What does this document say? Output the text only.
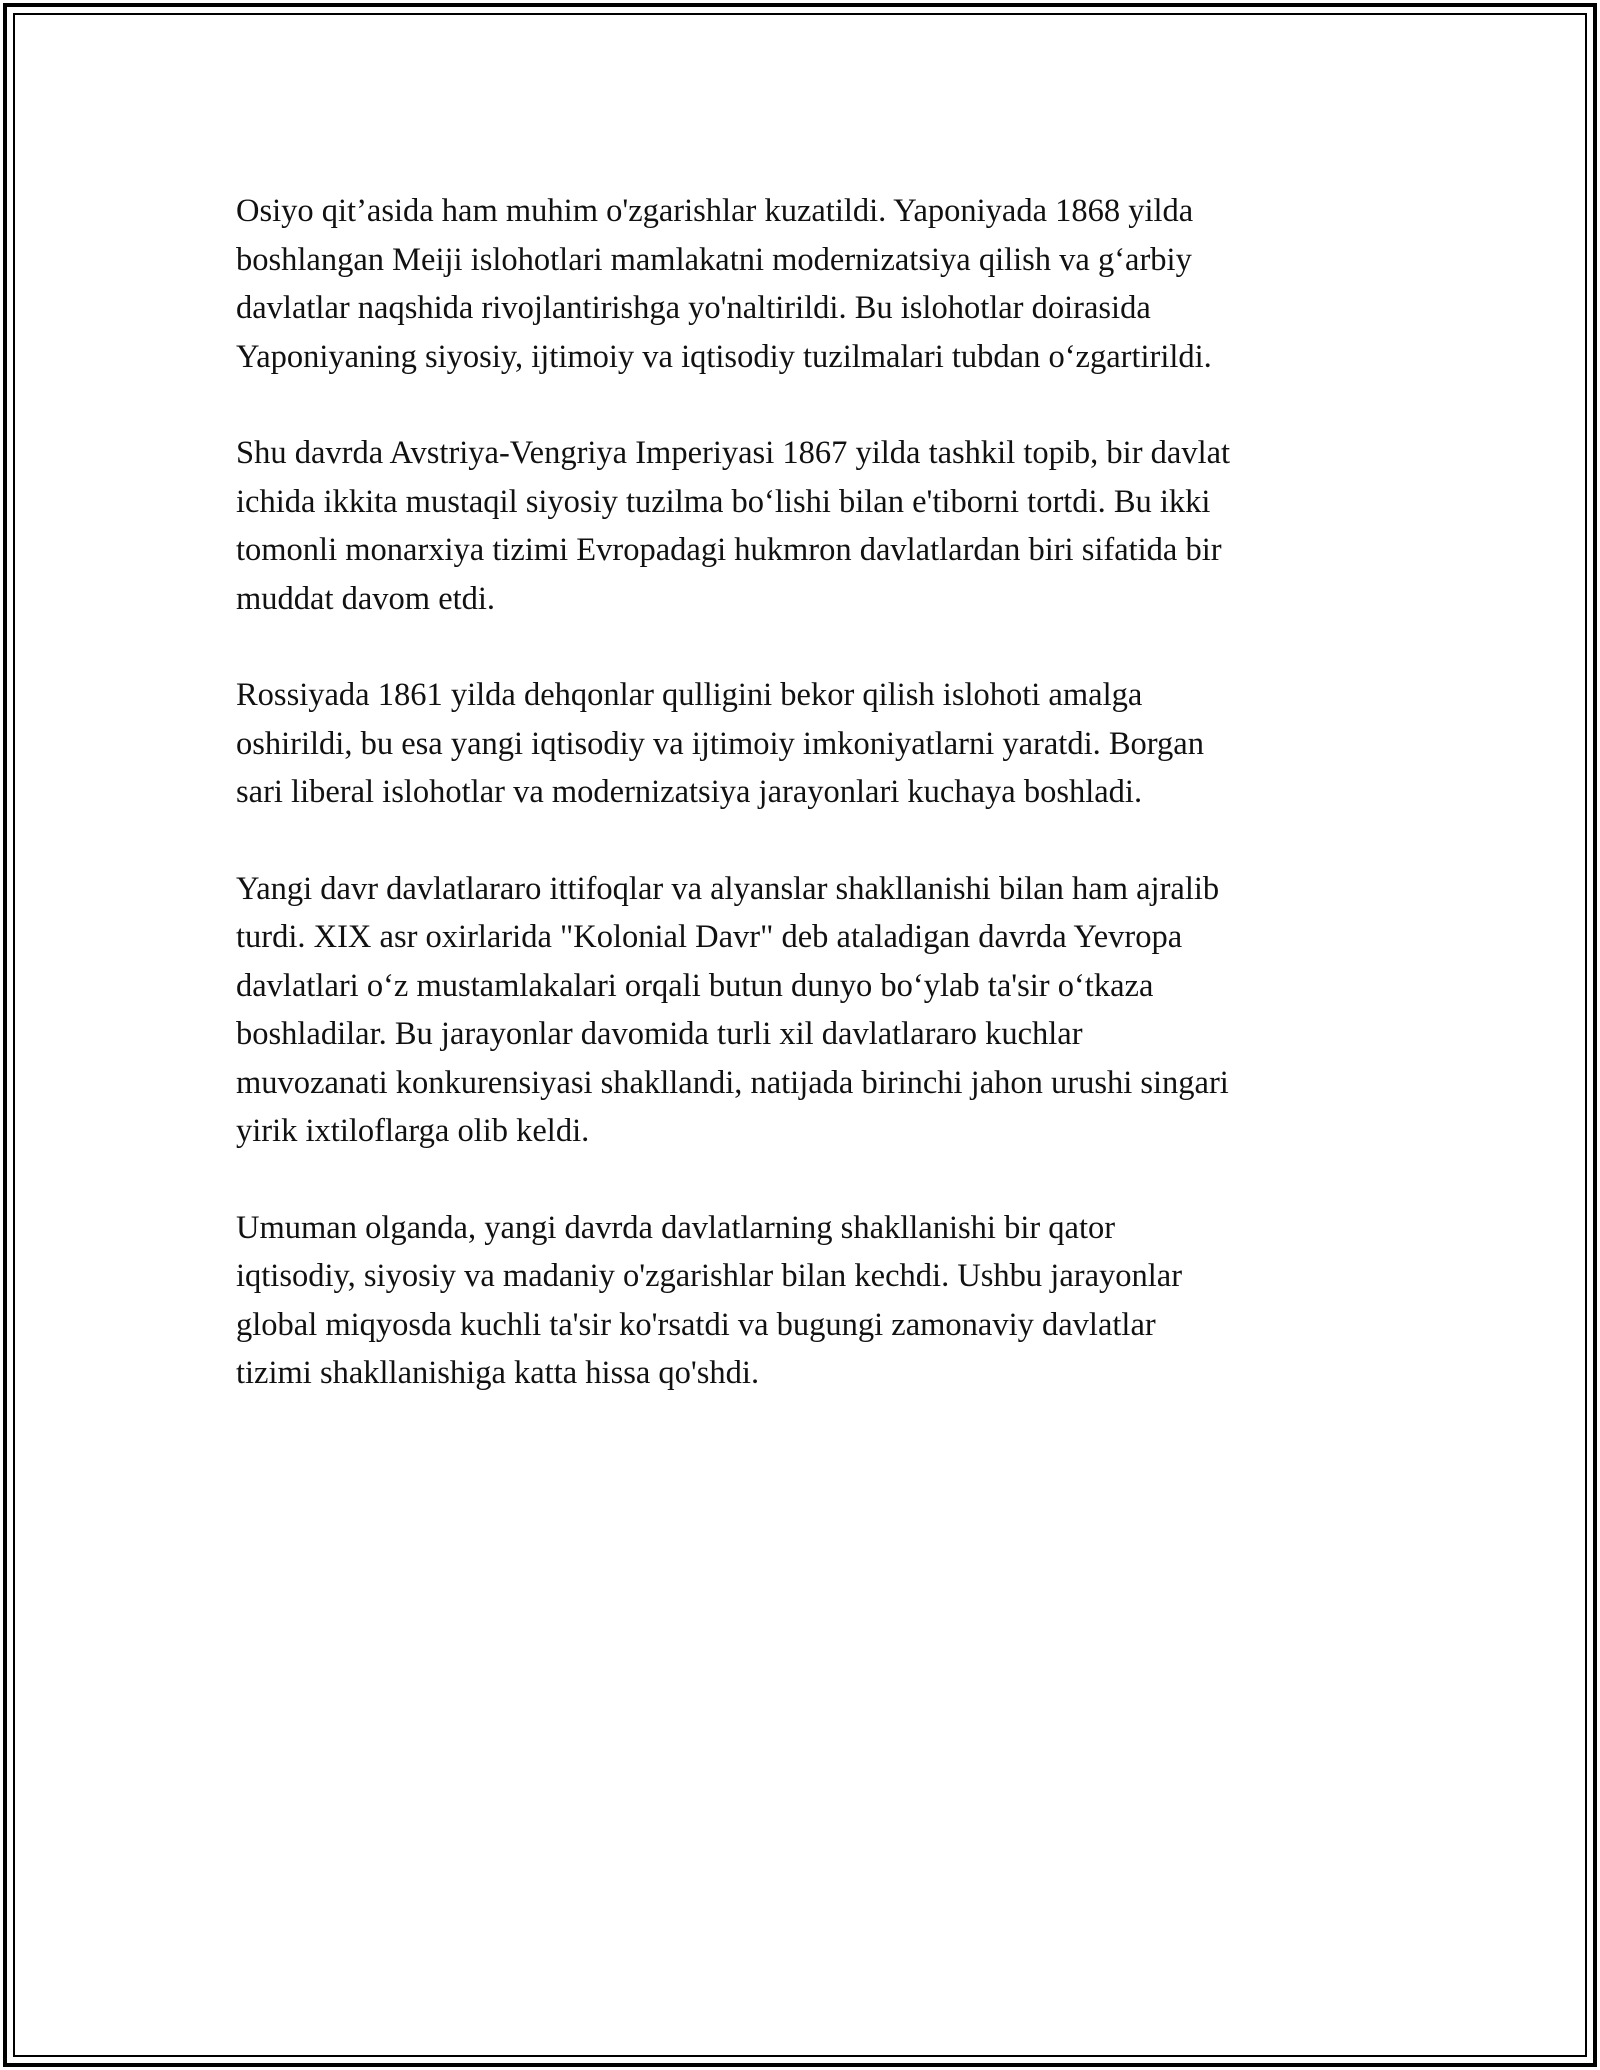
Osiyo qit’asida ham muhim o'zgarishlar kuzatildi. Yaponiyada 1868 yilda
boshlangan Meiji islohotlari mamlakatni modernizatsiya qilish va g‘arbiy
davlatlar naqshida rivojlantirishga yo'naltirildi. Bu islohotlar doirasida
Yaponiyaning siyosiy, ijtimoiy va iqtisodiy tuzilmalari tubdan o‘zgartirildi.

Shu davrda Avstriya-Vengriya Imperiyasi 1867 yilda tashkil topib, bir davlat
ichida ikkita mustaqil siyosiy tuzilma bo‘lishi bilan e'tiborni tortdi. Bu ikki
tomonli monarxiya tizimi Evropadagi hukmron davlatlardan biri sifatida bir
muddat davom etdi.

Rossiyada 1861 yilda dehqonlar qulligini bekor qilish islohoti amalga
oshirildi, bu esa yangi iqtisodiy va ijtimoiy imkoniyatlarni yaratdi. Borgan
sari liberal islohotlar va modernizatsiya jarayonlari kuchaya boshladi.

Yangi davr davlatlararo ittifoqlar va alyanslar shakllanishi bilan ham ajralib
turdi. XIX asr oxirlarida "Kolonial Davr" deb ataladigan davrda Yevropa
davlatlari o‘z mustamlakalari orqali butun dunyo bo‘ylab ta'sir o‘tkaza
boshladilar. Bu jarayonlar davomida turli xil davlatlararo kuchlar
muvozanati konkurensiyasi shakllandi, natijada birinchi jahon urushi singari
yirik ixtiloflarga olib keldi.

Umuman olganda, yangi davrda davlatlarning shakllanishi bir qator
iqtisodiy, siyosiy va madaniy o'zgarishlar bilan kechdi. Ushbu jarayonlar
global miqyosda kuchli ta'sir ko'rsatdi va bugungi zamonaviy davlatlar
tizimi shakllanishiga katta hissa qo'shdi.
